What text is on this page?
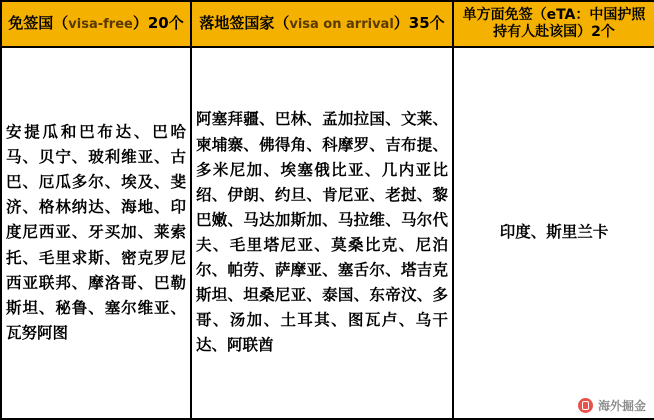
免签国（visa-free）20个	落地签国家（visa on arrival）35个	单方面免签（eTA：中国护照持有人赴该国）2个
安提瓜和巴布达、巴哈马、贝宁、玻利维亚、古巴、厄瓜多尔、埃及、斐济、格林纳达、海地、印度尼西亚、牙买加、莱索托、毛里求斯、密克罗尼西亚联邦、摩洛哥、巴勒斯坦、秘鲁、塞尔维亚、瓦努阿图	阿塞拜疆、巴林、孟加拉国、文莱、柬埔寨、佛得角、科摩罗、吉布提、多米尼加、埃塞俄比亚、几内亚比绍、伊朗、约旦、肯尼亚、老挝、黎巴嫩、马达加斯加、马拉维、马尔代夫、毛里塔尼亚、莫桑比克、尼泊尔、帕劳、萨摩亚、塞舌尔、塔吉克斯坦、坦桑尼亚、泰国、东帝汶、多哥、汤加、土耳其、图瓦卢、乌干达、阿联酋	印度、斯里兰卡
海外掘金
